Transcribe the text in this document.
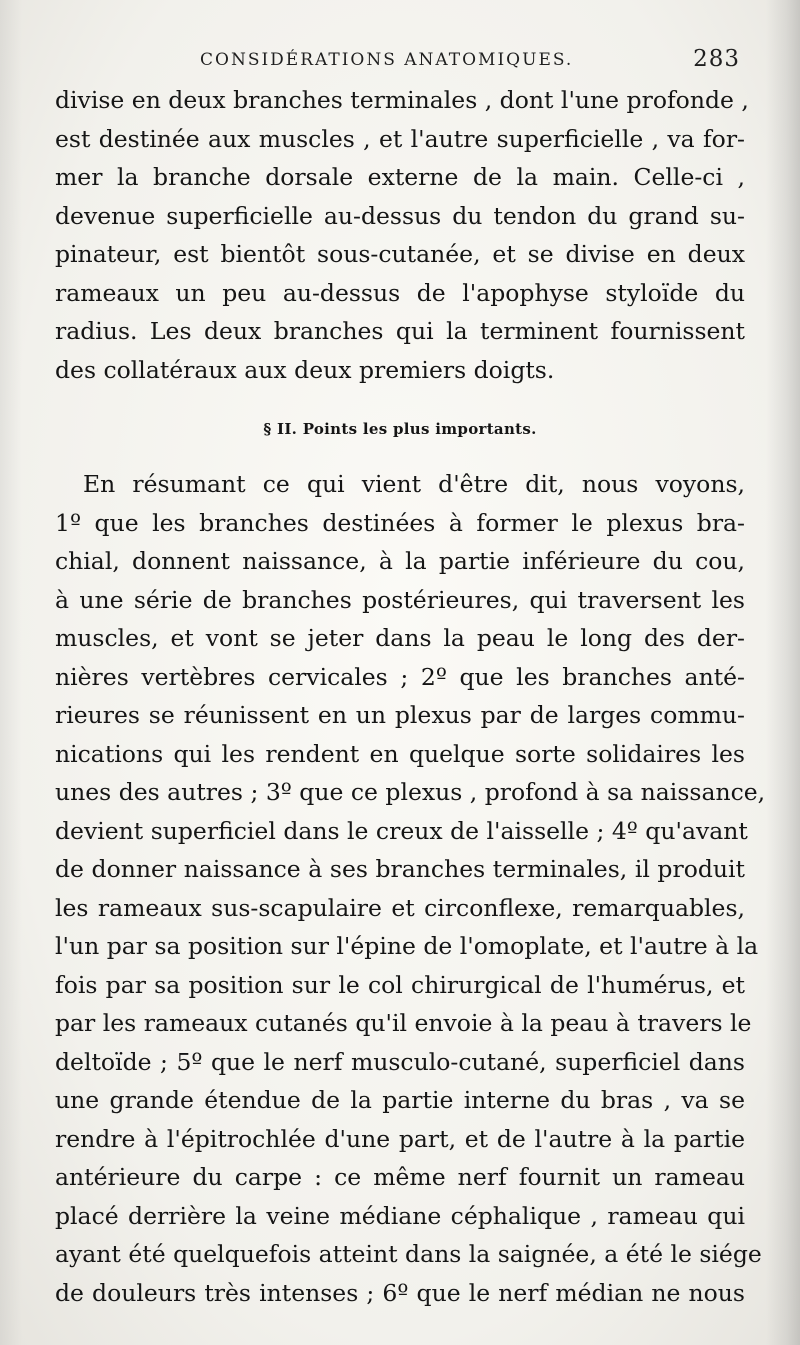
CONSIDÉRATIONS ANATOMIQUES.	283
divise en deux branches terminales , dont l'une profonde ,
est destinée aux muscles , et l'autre superficielle , va for-
mer la branche dorsale externe de la main. Celle-ci ,
devenue superficielle au-dessus du tendon du grand su-
pinateur, est bientôt sous-cutanée, et se divise en deux
rameaux un peu au-dessus de l'apophyse styloïde du
radius. Les deux branches qui la terminent fournissent
des collatéraux aux deux premiers doigts.
§ II. Points les plus importants.
En résumant ce qui vient d'être dit, nous voyons,
1º que les branches destinées à former le plexus bra-
chial, donnent naissance, à la partie inférieure du cou,
à une série de branches postérieures, qui traversent les
muscles, et vont se jeter dans la peau le long des der-
nières vertèbres cervicales ; 2º que les branches anté-
rieures se réunissent en un plexus par de larges commu-
nications qui les rendent en quelque sorte solidaires les
unes des autres ; 3º que ce plexus , profond à sa naissance,
devient superficiel dans le creux de l'aisselle ; 4º qu'avant
de donner naissance à ses branches terminales, il produit
les rameaux sus-scapulaire et circonflexe, remarquables,
l'un par sa position sur l'épine de l'omoplate, et l'autre à la
fois par sa position sur le col chirurgical de l'humérus, et
par les rameaux cutanés qu'il envoie à la peau à travers le
deltoïde ; 5º que le nerf musculo-cutané, superficiel dans
une grande étendue de la partie interne du bras , va se
rendre à l'épitrochlée d'une part, et de l'autre à la partie
antérieure du carpe : ce même nerf fournit un rameau
placé derrière la veine médiane céphalique , rameau qui
ayant été quelquefois atteint dans la saignée, a été le siége
de douleurs très intenses ; 6º que le nerf médian ne nous
